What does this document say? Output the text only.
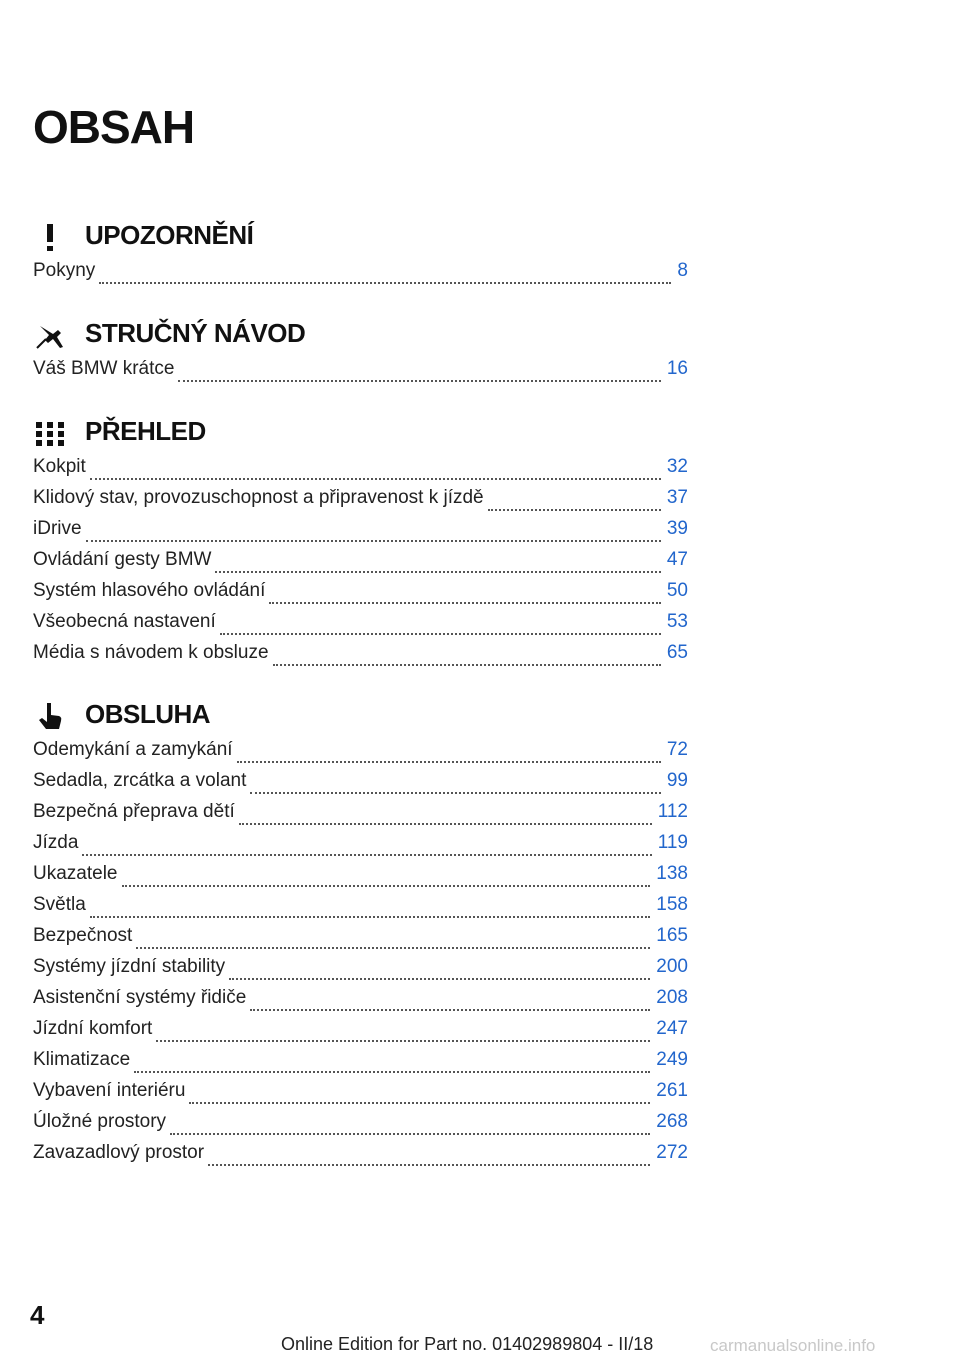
OBSAH
UPOZORNĚNÍ
Pokyny	8
STRUČNÝ NÁVOD
Váš BMW krátce	16
PŘEHLED
Kokpit	32
Klidový stav, provozuschopnost a připravenost k jízdě	37
iDrive	39
Ovládání gesty BMW	47
Systém hlasového ovládání	50
Všeobecná nastavení	53
Média s návodem k obsluze	65
OBSLUHA
Odemykání a zamykání	72
Sedadla, zrcátka a volant	99
Bezpečná přeprava dětí	112
Jízda	119
Ukazatele	138
Světla	158
Bezpečnost	165
Systémy jízdní stability	200
Asistenční systémy řidiče	208
Jízdní komfort	247
Klimatizace	249
Vybavení interiéru	261
Úložné prostory	268
Zavazadlový prostor	272
4
Online Edition for Part no. 01402989804 - II/18	carmanualsonline.info
